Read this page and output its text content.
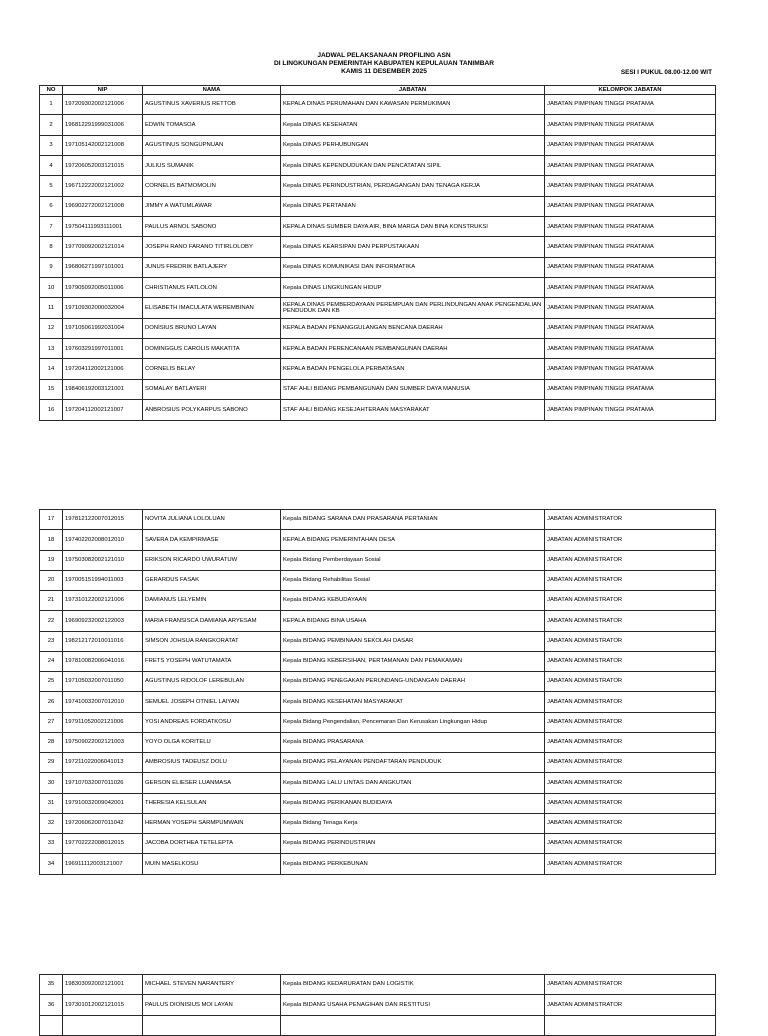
JADWAL PELAKSANAAN PROFILING ASN
DI LINGKUNGAN PEMERINTAH KABUPATEN KEPULAUAN TANIMBAR
KAMIS 11 DESEMBER 2025	SESI I PUKUL 08.00-12.00 WIT
NO	NIP	NAMA	JABATAN	KELOMPOK JABATAN
1	197209302002121006	AGUSTINUS XAVERIUS RETTOB	KEPALA DINAS PERUMAHAN DAN KAWASAN PERMUKIMAN	JABATAN PIMPINAN TINGGI PRATAMA
2	196812291999031006	EDWIN TOMASOA	Kepala DINAS KESEHATAN	JABATAN PIMPINAN TINGGI PRATAMA
3	197105142002121008	AGUSTINUS SONGUPNUAN	Kepala DINAS PERHUBUNGAN	JABATAN PIMPINAN TINGGI PRATAMA
4	197206052003121015	JULIUS SUMANIK	Kepala DINAS KEPENDUDUKAN DAN PENCATATAN SIPIL	JABATAN PIMPINAN TINGGI PRATAMA
5	196712222002121002	CORNELIS BATMOMOLIN	Kepala DINAS PERINDUSTRIAN, PERDAGANGAN DAN TENAGA KERJA	JABATAN PIMPINAN TINGGI PRATAMA
6	196902272002121008	JIMMY A WATUMLAWAR	Kepala DINAS PERTANIAN	JABATAN PIMPINAN TINGGI PRATAMA
7	197504111993111001	PAULUS ARNOL SABONO	KEPALA DINAS SUMBER DAYA AIR, BINA MARGA DAN BINA KONSTRUKSI	JABATAN PIMPINAN TINGGI PRATAMA
8	197709092002121014	JOSEPH RANO FARANO TITIRLOLOBY	Kepala DINAS KEARSIPAN DAN PERPUSTAKAAN	JABATAN PIMPINAN TINGGI PRATAMA
9	196806271997101001	JUNUS FREDRIK BATLAJERY	Kepala DINAS KOMUNIKASI DAN INFORMATIKA	JABATAN PIMPINAN TINGGI PRATAMA
10	197905092005011006	CHRISTIANUS FATLOLON	Kepala DINAS LINGKUNGAN HIDUP	JABATAN PIMPINAN TINGGI PRATAMA
11	197109302000032004	ELISABETH IMACULATA WEREMBINAN	KEPALA DINAS PEMBERDAYAAN PEREMPUAN DAN PERLINDUNGAN ANAK PENGENDALIAN PENDUDUK DAN KB	JABATAN PIMPINAN TINGGI PRATAMA
12	197105061992031004	DONISIUS BRUNO LAYAN	KEPALA BADAN PENANGGULANGAN BENCANA DAERAH	JABATAN PIMPINAN TINGGI PRATAMA
13	197603291997011001	DOMINGGUS CAROLIS MAKATITA	KEPALA BADAN PERENCANAAN PEMBANGUNAN DAERAH	JABATAN PIMPINAN TINGGI PRATAMA
14	197204112002121006	CORNELIS BELAY	KEPALA BADAN PENGELOLA PERBATASAN	JABATAN PIMPINAN TINGGI PRATAMA
15	198406192003121001	SOMALAY BATLAYERI	STAF AHLI BIDANG PEMBANGUNAN DAN SUMBER DAYA MANUSIA	JABATAN PIMPINAN TINGGI PRATAMA
16	197204112002121007	ANBROSIUS POLYKARPUS SABONO	STAF AHLI BIDANG KESEJAHTERAAN MASYARAKAT	JABATAN PIMPINAN TINGGI PRATAMA
17	197812122007012015	NOVITA JULIANA LOLOLUAN	Kepala BIDANG SARANA DAN PRASARANA PERTANIAN	JABATAN ADMINISTRATOR
18	197402202008012010	SAVERA DA KEMPIRMASE	KEPALA BIDANG PEMERINTAHAN DESA	JABATAN ADMINISTRATOR
19	197503082002121010	ERIKSON RICARDO UWURATUW	Kepala Bidang Pemberdayaan Sosial	JABATAN ADMINISTRATOR
20	197005151994011003	GERARDUS FASAK	Kepala Bidang Rehabilitas Sosial	JABATAN ADMINISTRATOR
21	197310122002121006	DAMIANUS LELYEMIN	Kepala BIDANG KEBUDAYAAN	JABATAN ADMINISTRATOR
22	196909232002122003	MARIA FRANSISCA DAMIANA ARYESAM	KEPALA BIDANG BINA USAHA	JABATAN ADMINISTRATOR
23	198212172010011016	SIMSON JOHSUA RANGKORATAT	Kepala BIDANG PEMBINAAN SEKOLAH DASAR	JABATAN ADMINISTRATOR
24	197810082006041016	FRETS YOSEPH WATUTAMATA	Kepala BIDANG KEBERSIHAN, PERTAMANAN DAN PEMAKAMAN	JABATAN ADMINISTRATOR
25	197105032007011050	AGUSTINUS RIDOLOF LEREBULAN	Kepala BIDANG PENEGAKAN PERUNDANG-UNDANGAN DAERAH	JABATAN ADMINISTRATOR
26	197410032007012010	SEMUEL JOSEPH OTNIEL LAIYAN	Kepala BIDANG KESEHATAN MASYARAKAT	JABATAN ADMINISTRATOR
27	197911052002121006	YOSI ANDREAS FORDATKOSU	Kepala Bidang Pengendalian, Pencemaran Dan Kerusakan Lingkungan Hidup	JABATAN ADMINISTRATOR
28	197509022002121003	YOYO OLGA KORITELU	Kepala BIDANG PRASARANA	JABATAN ADMINISTRATOR
29	197211022006041013	AMBROSIUS TADEUSZ DOLU	Kepala BIDANG PELAYANAN PENDAFTARAN PENDUDUK	JABATAN ADMINISTRATOR
30	197107032007011026	GERSON ELIESER LUANMASA	Kepala BIDANG LALU LINTAS DAN ANGKUTAN	JABATAN ADMINISTRATOR
31	197910032009042001	THERESIA KELSULAN	Kepala BIDANG PERIKANAN BUDIDAYA	JABATAN ADMINISTRATOR
32	197206062007011042	HERMAN YOSEPH SARMPUMWAIN	Kepala Bidang Tenaga Kerja	JABATAN ADMINISTRATOR
33	197702222008012015	JACOBA DORTHEA TETELEPTA	Kepala BIDANG PERINDUSTRIAN	JABATAN ADMINISTRATOR
34	196911112003121007	MUIN MASELKOSU	Kepala BIDANG PERKEBUNAN	JABATAN ADMINISTRATOR
35	198303092002121001	MICHAEL STEVEN NARANTERY	Kepala BIDANG KEDARURATAN DAN LOGISTIK	JABATAN ADMINISTRATOR
36	197301012002121015	PAULUS DIONISIUS MOI LAYAN	Kepala BIDANG USAHA PENAGIHAN DAN RESTITUSI	JABATAN ADMINISTRATOR
